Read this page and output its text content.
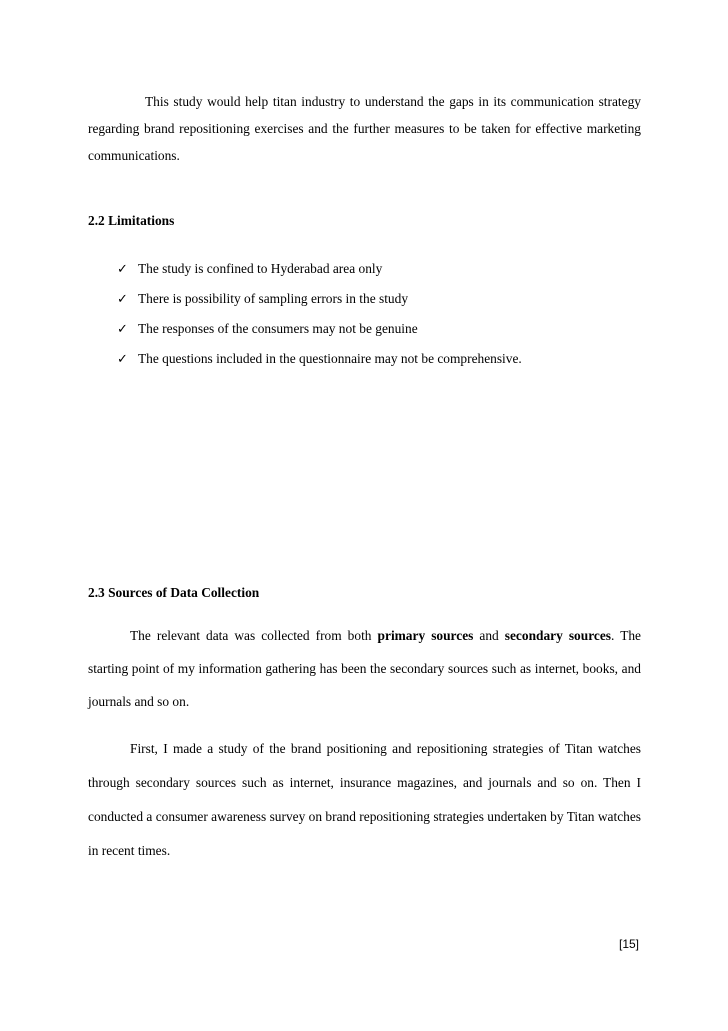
This study would help titan industry to understand the gaps in its communication strategy regarding brand repositioning exercises and the further measures to be taken for effective marketing communications.

2.2 Limitations
✓ The study is confined to Hyderabad area only
✓ There is possibility of sampling errors in the study
✓ The responses of the consumers may not be genuine
✓ The questions included in the questionnaire may not be comprehensive.
2.3 Sources of Data Collection

The relevant data was collected from both primary sources and secondary sources. The starting point of my information gathering has been the secondary sources such as internet, books, and journals and so on.

First, I made a study of the brand positioning and repositioning strategies of Titan watches through secondary sources such as internet, insurance magazines, and journals and so on. Then I conducted a consumer awareness survey on brand repositioning strategies undertaken by Titan watches in recent times.

[15]
